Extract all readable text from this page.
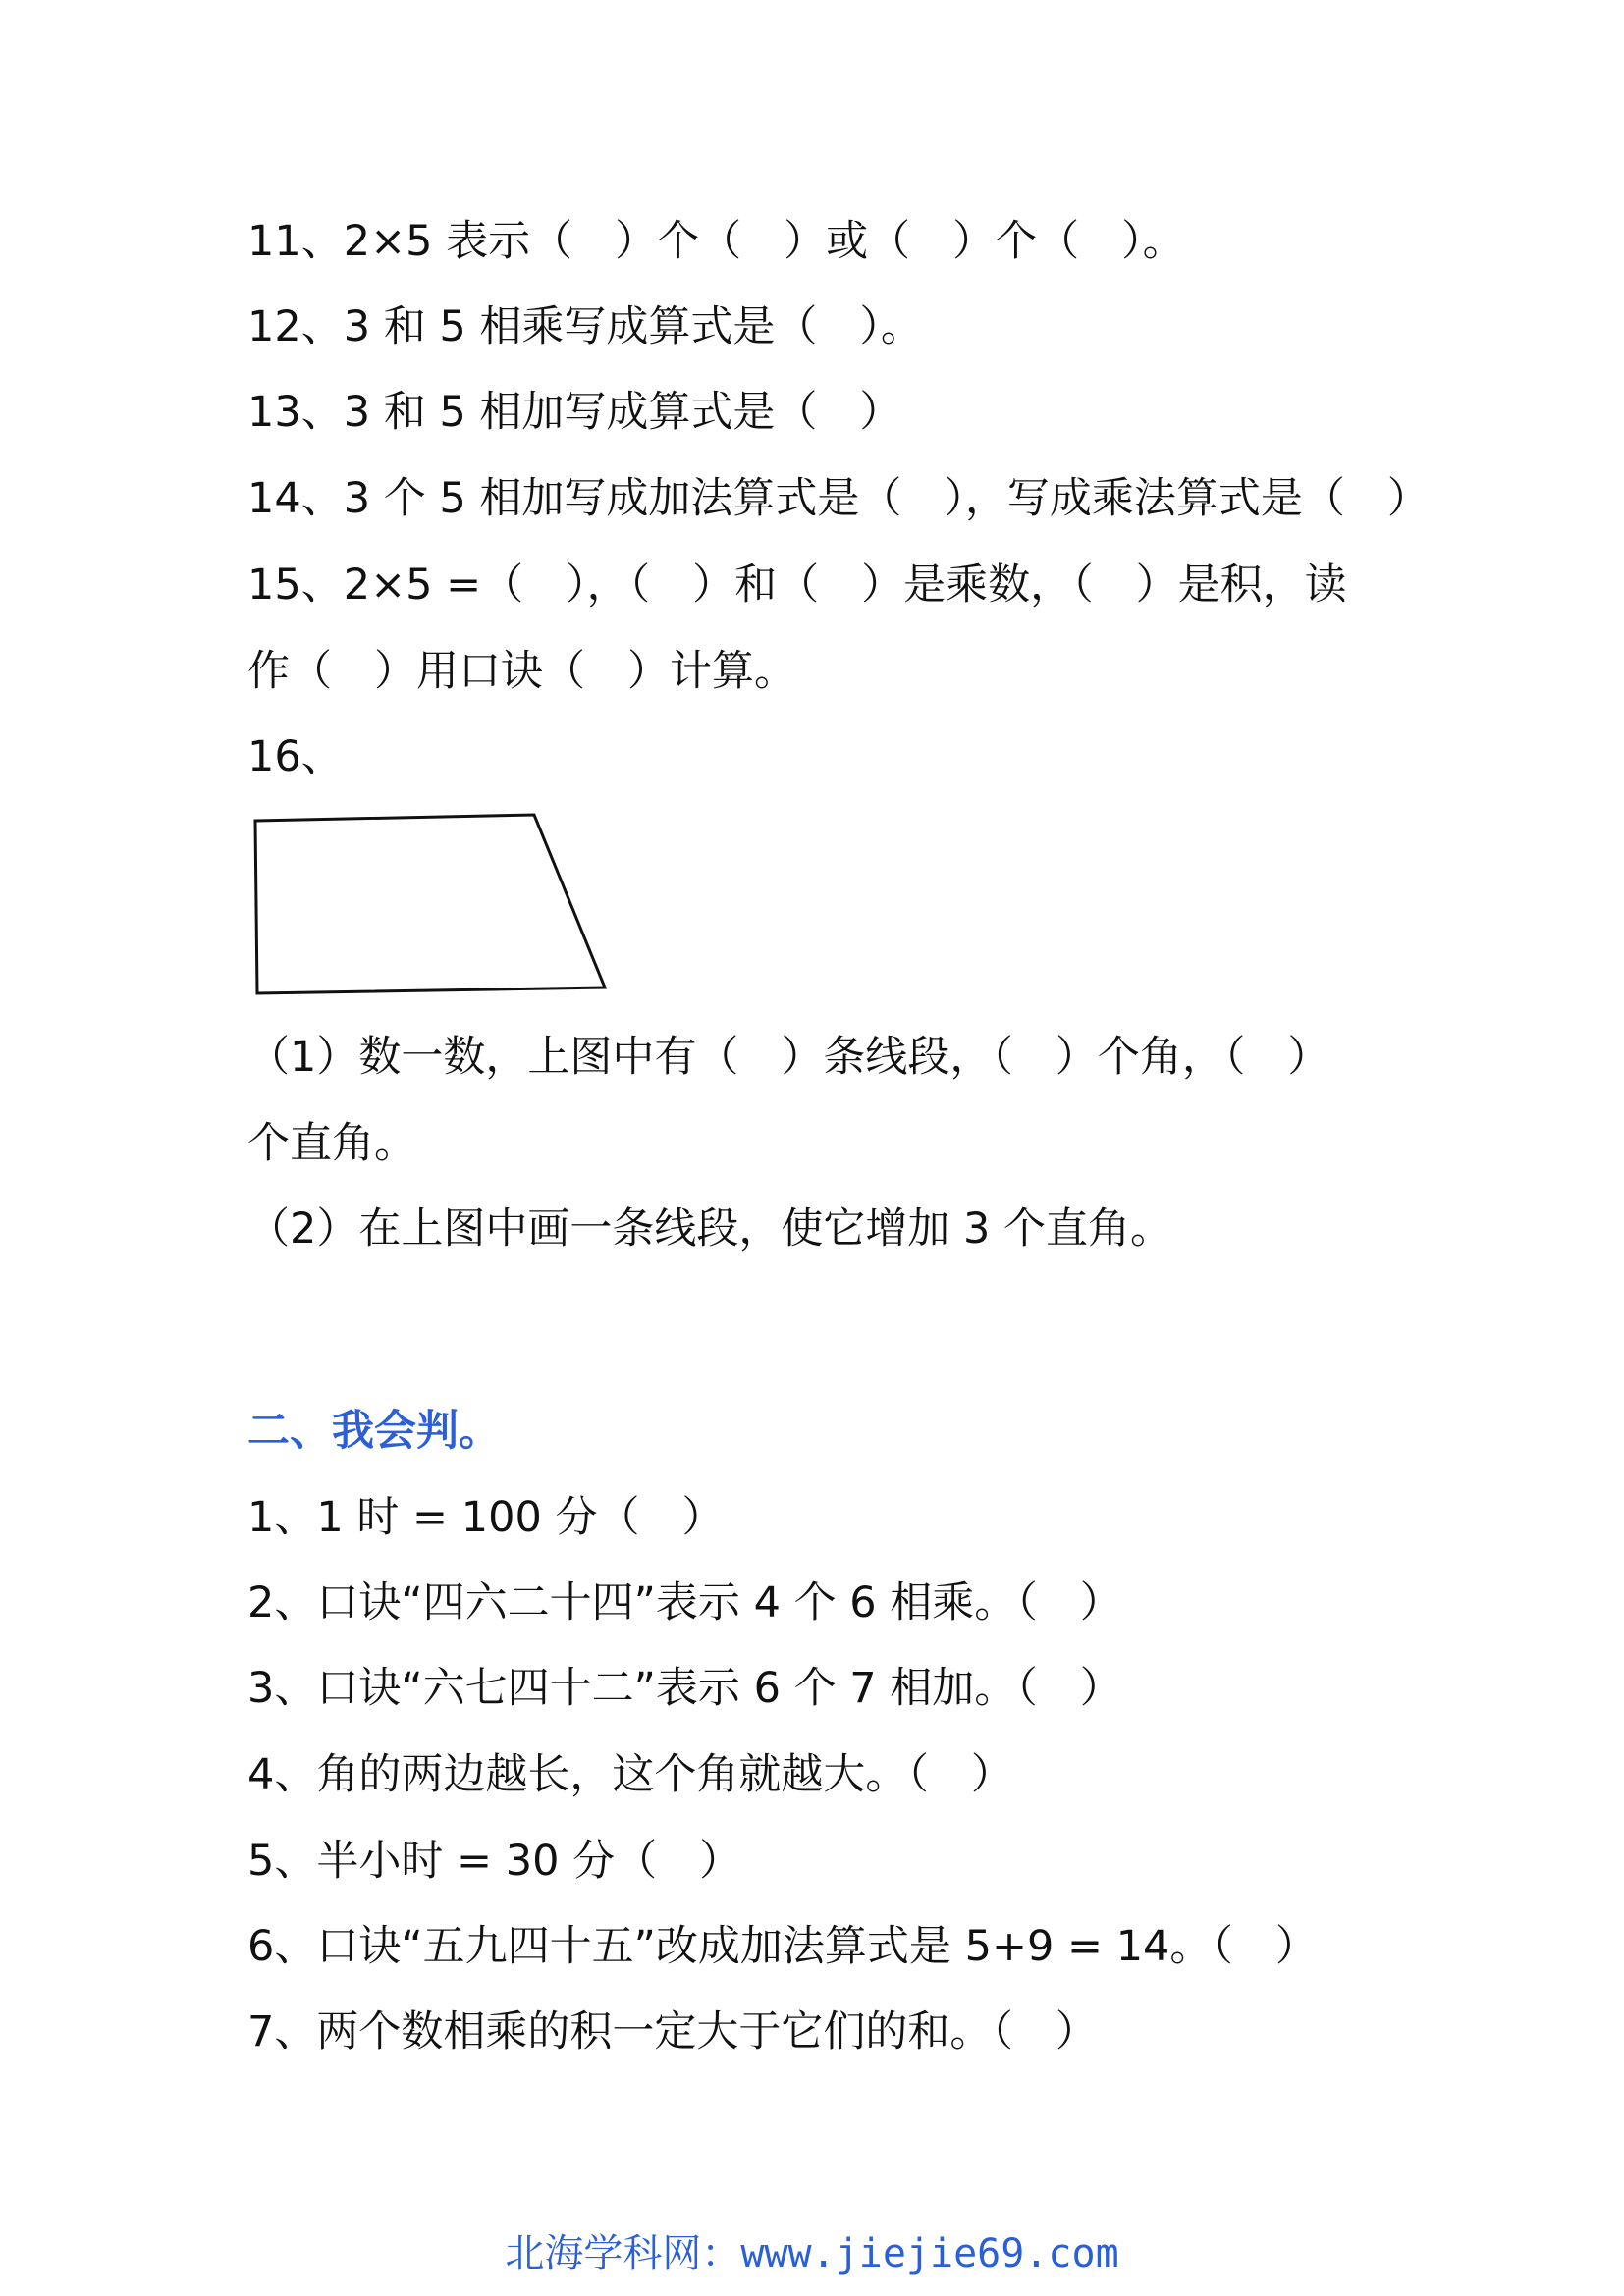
11、2×5 表示（　）个（　）或（　）个（　）。
12、3 和 5 相乘写成算式是（　）。
13、3 和 5 相加写成算式是（　）
14、3 个 5 相加写成加法算式是（　），写成乘法算式是（　）
15、2×5 =（　），（　）和（　）是乘数，（　）是积，读
作（　）用口诀（　）计算。
16、
（1）数一数，上图中有（　）条线段，（　）个角，（　）
个直角。
（2）在上图中画一条线段，使它增加 3 个直角。
二、我会判。
1、1 时 = 100 分（　）
2、口诀“四六二十四”表示 4 个 6 相乘。（　）
3、口诀“六七四十二”表示 6 个 7 相加。（　）
4、角的两边越长，这个角就越大。（　）
5、半小时 = 30 分（　）
6、口诀“五九四十五”改成加法算式是 5+9 = 14。（　）
7、两个数相乘的积一定大于它们的和。（　）
北海学科网：www.jiejie69.com
